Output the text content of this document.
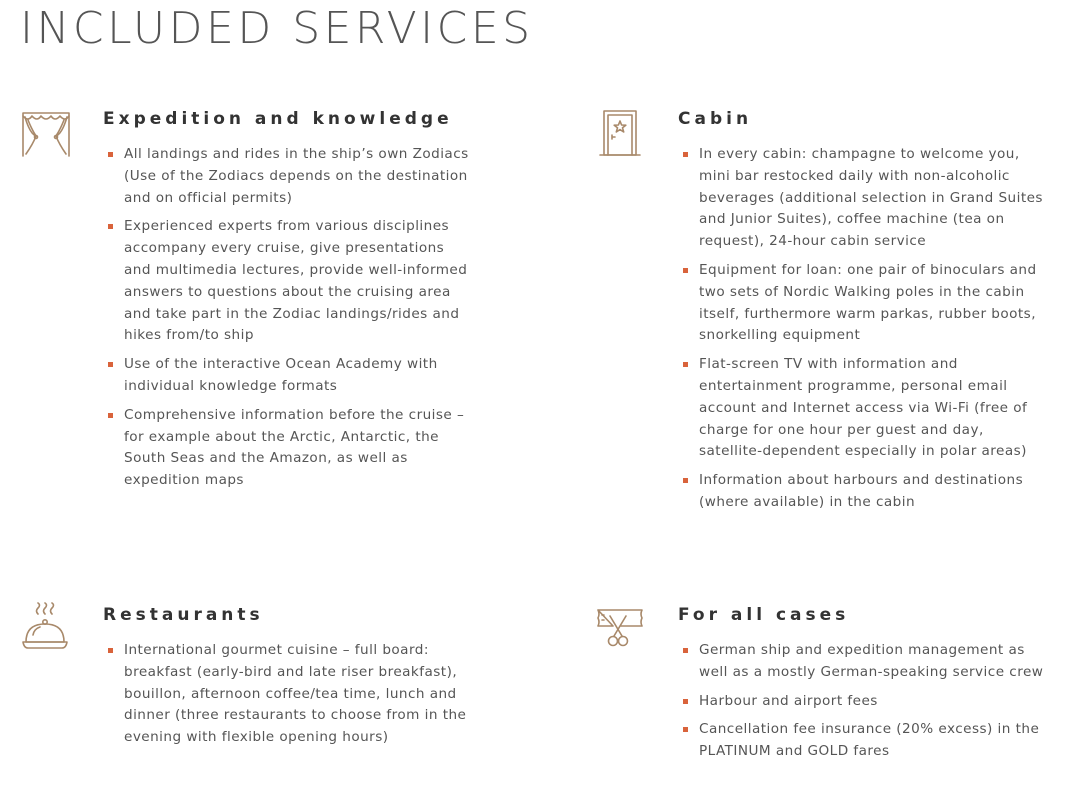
INCLUDED SERVICES
Expedition and knowledge
All landings and rides in the ship’s own Zodiacs (Use of the Zodiacs depends on the destination and on official permits)
Experienced experts from various disciplines accompany every cruise, give presentations and multimedia lectures, provide well-informed answers to questions about the cruising area and take part in the Zodiac landings/rides and hikes from/to ship
Use of the interactive Ocean Academy with individual knowledge formats
Comprehensive information before the cruise – for example about the Arctic, Antarctic, the South Seas and the Amazon, as well as expedition maps
Cabin
In every cabin: champagne to welcome you, mini bar restocked daily with non-alcoholic beverages (additional selection in Grand Suites and Junior Suites), coffee machine (tea on request), 24-hour cabin service
Equipment for loan: one pair of binoculars and two sets of Nordic Walking poles in the cabin itself, furthermore warm parkas, rubber boots, snorkelling equipment
Flat-screen TV with information and entertainment programme, personal email account and Internet access via Wi-Fi (free of charge for one hour per guest and day, satellite-dependent especially in polar areas)
Information about harbours and destinations (where available) in the cabin
Restaurants
International gourmet cuisine – full board: breakfast (early-bird and late riser breakfast), bouillon, afternoon coffee/tea time, lunch and dinner (three restaurants to choose from in the evening with flexible opening hours)
For all cases
German ship and expedition management as well as a mostly German-speaking service crew
Harbour and airport fees
Cancellation fee insurance (20% excess) in the PLATINUM and GOLD fares
